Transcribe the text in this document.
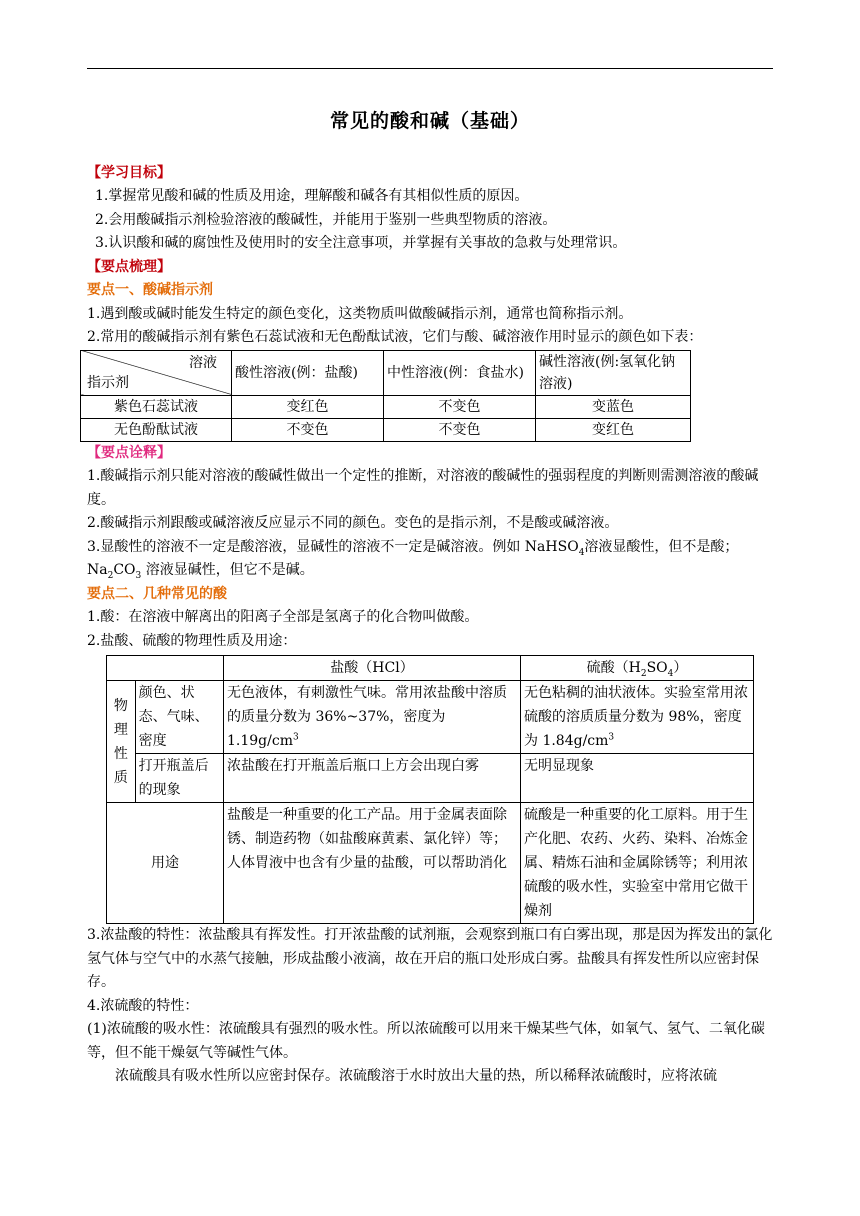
常见的酸和碱（基础）

【学习目标】

1.掌握常见酸和碱的性质及用途，理解酸和碱各有其相似性质的原因。

2.会用酸碱指示剂检验溶液的酸碱性，并能用于鉴别一些典型物质的溶液。

3.认识酸和碱的腐蚀性及使用时的安全注意事项，并掌握有关事故的急救与处理常识。

【要点梳理】

要点一、酸碱指示剂

1.遇到酸或碱时能发生特定的颜色变化，这类物质叫做酸碱指示剂，通常也简称指示剂。

2.常用的酸碱指示剂有紫色石蕊试液和无色酚酞试液，它们与酸、碱溶液作用时显示的颜色如下表：

溶液
指示剂	酸性溶液(例：盐酸)	中性溶液(例：食盐水)	碱性溶液(例:氢氧化钠溶液)
紫色石蕊试液	变红色	不变色	变蓝色
无色酚酞试液	不变色	不变色	变红色

【要点诠释】

1.酸碱指示剂只能对溶液的酸碱性做出一个定性的推断，对溶液的酸碱性的强弱程度的判断则需测溶液的酸碱度。

2.酸碱指示剂跟酸或碱溶液反应显示不同的颜色。变色的是指示剂，不是酸或碱溶液。

3.显酸性的溶液不一定是酸溶液，显碱性的溶液不一定是碱溶液。例如 NaHSO$_4$溶液显酸性，但不是酸；
$Na_2CO_3$ 溶液显碱性，但它不是碱。

要点二、几种常见的酸

1.酸：在溶液中解离出的阳离子全部是氢离子的化合物叫做酸。

2.盐酸、硫酸的物理性质及用途：

		盐酸（HCl）	硫酸$(H_2SO_4)$
物
理
性
质	颜色、状态、气味、密度	无色液体，有刺激性气味。常用浓盐酸中溶质的质量分数为 36%~37%，密度为 $1.19g/cm^3$	无色粘稠的油状液体。实验室常用浓硫酸的溶质质量分数为 98%，密度为 $1.84g/cm^3$
	打开瓶盖后的现象	浓盐酸在打开瓶盖后瓶口上方会出现白雾	无明显现象
用途		盐酸是一种重要的化工产品。用于金属表面除锈、制造药物（如盐酸麻黄素、氯化锌）等；人体胃液中也含有少量的盐酸，可以帮助消化	硫酸是一种重要的化工原料。用于生产化肥、农药、火药、染料、冶炼金属、精炼石油和金属除锈等；利用浓硫酸的吸水性，实验室中常用它做干燥剂

3.浓盐酸的特性：浓盐酸具有挥发性。打开浓盐酸的试剂瓶，会观察到瓶口有白雾出现，那是因为挥发出的氯化氢气体与空气中的水蒸气接触，形成盐酸小液滴，故在开启的瓶口处形成白雾。盐酸具有挥发性所以应密封保存。

4.浓硫酸的特性：

(1)浓硫酸的吸水性：浓硫酸具有强烈的吸水性。所以浓硫酸可以用来干燥某些气体，如氧气、氢气、二氧化碳等，但不能干燥氨气等碱性气体。

浓硫酸具有吸水性所以应密封保存。浓硫酸溶于水时放出大量的热，所以稀释浓硫酸时，应将浓硫
